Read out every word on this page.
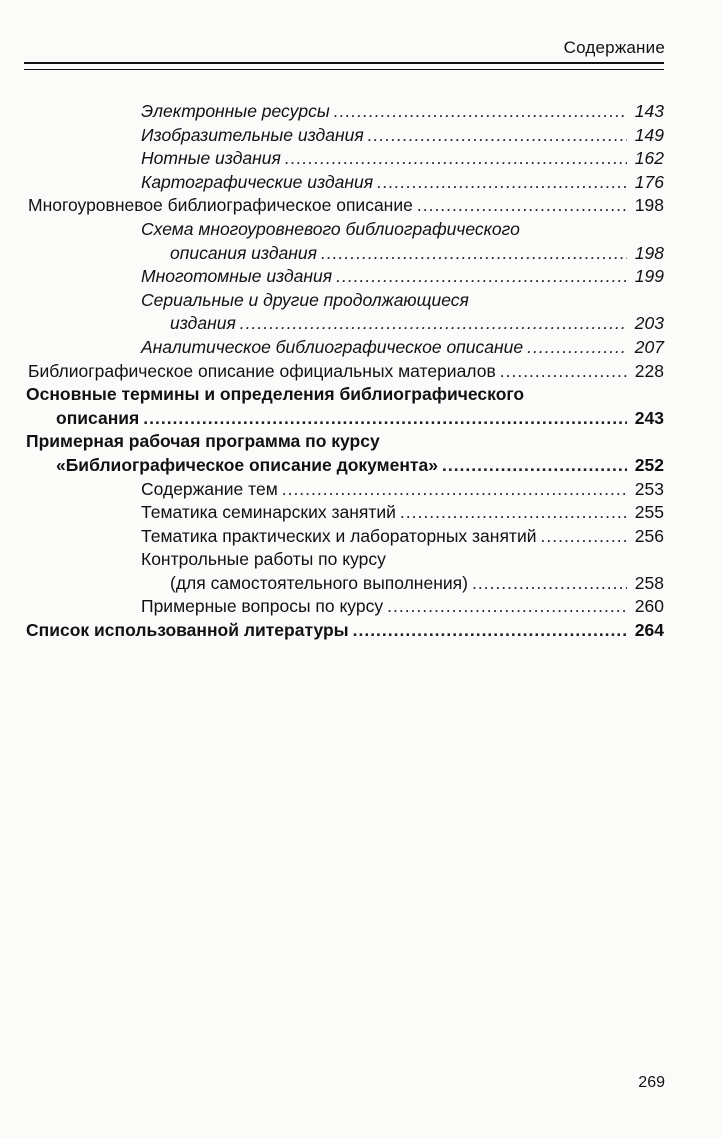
Содержание
Электронные ресурсы .....	143
Изобразительные издания .....	149
Нотные издания .....	162
Картографические издания .....	176
Многоуровневое библиографическое описание .....	198
Схема многоуровневого библиографического
описания издания .....	198
Многотомные издания .....	199
Сериальные и другие продолжающиеся
издания .....	203
Аналитическое библиографическое описание .....	207
Библиографическое описание официальных материалов .....	228
Основные термины и определения библиографического
описания .....	243
Примерная рабочая программа по курсу
«Библиографическое описание документа» .....	252
Содержание тем .....	253
Тематика семинарских занятий .....	255
Тематика практических и лабораторных занятий .....	256
Контрольные работы по курсу
(для самостоятельного выполнения) .....	258
Примерные вопросы по курсу .....	260
Список использованной литературы .....	264
269
